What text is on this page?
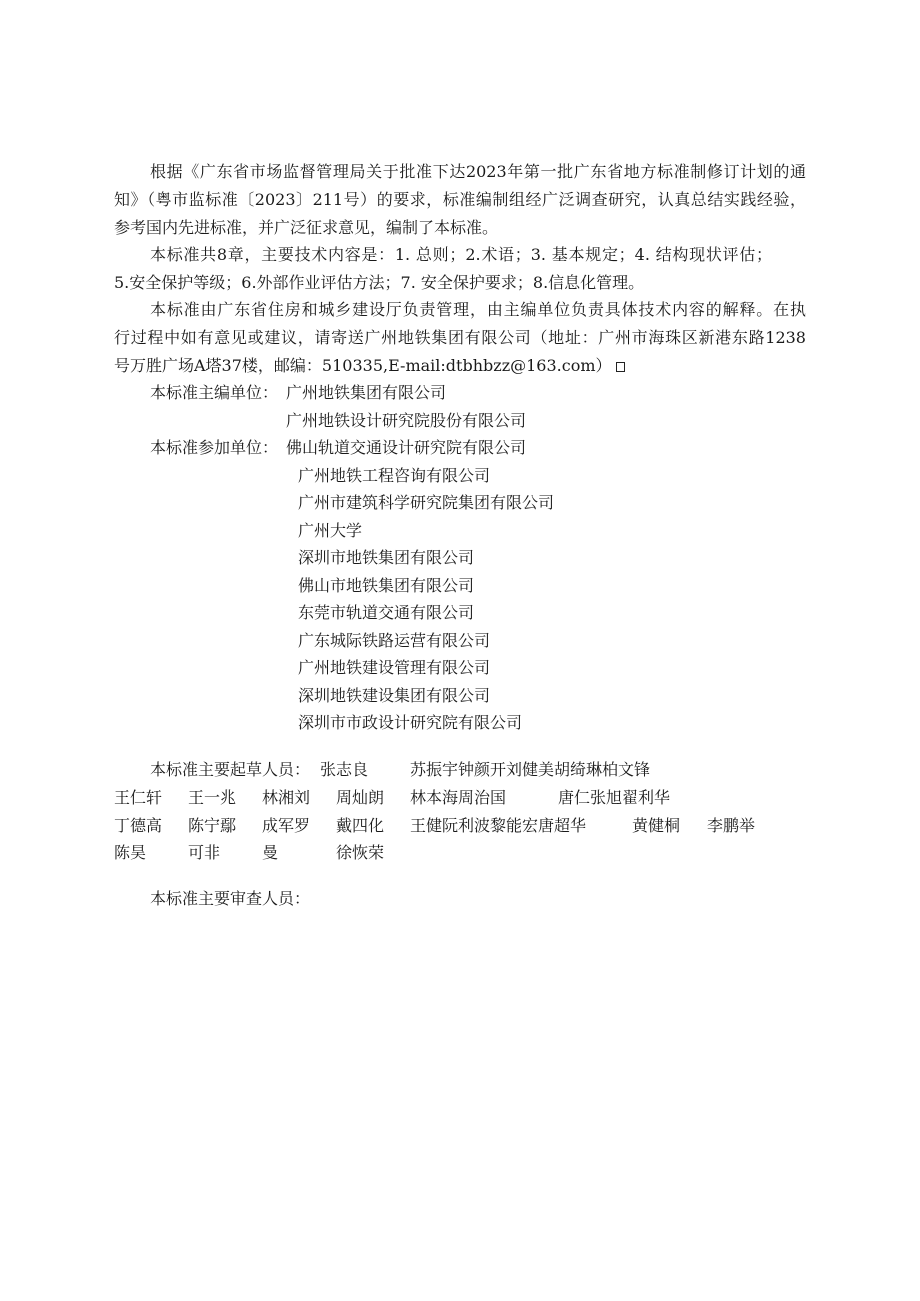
根据《广东省市场监督管理局关于批准下达2023年第一批广东省地方标准制修订计划的通
知》（粤市监标准〔2023〕211号）的要求，标准编制组经广泛调查研究，认真总结实践经验，
参考国内先进标准，并广泛征求意见，编制了本标准。
本标准共8章，主要技术内容是：1. 总则；2.术语；3. 基本规定；4. 结构现状评估；
5.安全保护等级；6.外部作业评估方法；7. 安全保护要求；8.信息化管理。
本标准由广东省住房和城乡建设厅负责管理，由主编单位负责具体技术内容的解释。在执
行过程中如有意见或建议，请寄送广州地铁集团有限公司（地址：广州市海珠区新港东路1238
号万胜广场A塔37楼，邮编：510335,E-mail:dtbhbzz@163.com）
本标准主编单位： 广州地铁集团有限公司
广州地铁设计研究院股份有限公司
本标准参加单位： 佛山轨道交通设计研究院有限公司
广州地铁工程咨询有限公司
广州市建筑科学研究院集团有限公司
广州大学
深圳市地铁集团有限公司
佛山市地铁集团有限公司
东莞市轨道交通有限公司
广东城际铁路运营有限公司
广州地铁建设管理有限公司
深圳地铁建设集团有限公司
深圳市市政设计研究院有限公司
本标准主要起草人员： 张志良	苏振宇钟颜开刘健美胡绮琳柏文锋
王仁轩 王一兆 林湘刘 周灿朗 林本海周治国	唐仁张旭翟利华
丁德高 陈宁鄢 成军罗 戴四化 王健阮利波黎能宏唐超华	黄健桐 李鹏举
陈昊	可非	曼	徐恢荣
本标准主要审查人员：
